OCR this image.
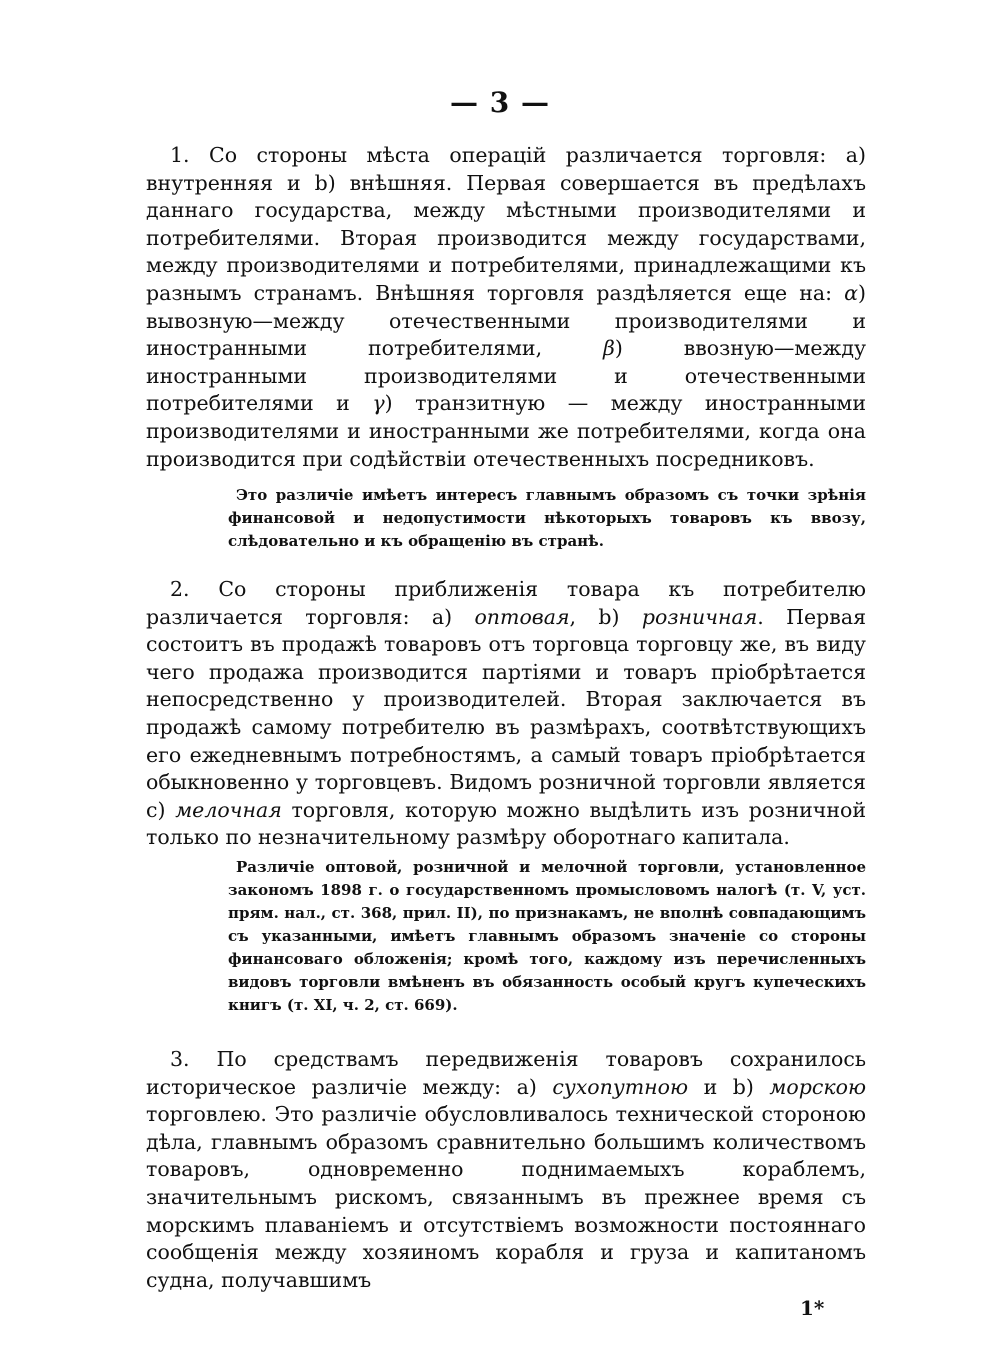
— 3 —

1. Со стороны мѣста операцій различается торговля: a) внутренняя и b) внѣшняя. Первая совершается въ предѣлахъ даннаго государства, между мѣстными производителями и потребителями. Вторая производится между государствами, между производителями и потребителями, принадлежащими къ разнымъ странамъ. Внѣшняя торговля раздѣляется еще на: α) вывозную—между отечественными производителями и иностранными потребителями, β) ввозную—между иностранными производителями и отечественными потребителями и γ) транзитную — между иностранными производителями и иностранными же потребителями, когда она производится при содѣйствіи отечественныхъ посредниковъ.

Это различіе имѣетъ интересъ главнымъ образомъ съ точки зрѣнія финансовой и недопустимости нѣкоторыхъ товаровъ къ ввозу, слѣдовательно и къ обращенію въ странѣ.

2. Со стороны приближенія товара къ потребителю различается торговля: a) оптовая, b) розничная. Первая состоитъ въ продажѣ товаровъ отъ торговца торговцу же, въ виду чего продажа производится партіями и товаръ пріобрѣтается непосредственно у производителей. Вторая заключается въ продажѣ самому потребителю въ размѣрахъ, соотвѣтствующихъ его ежедневнымъ потребностямъ, а самый товаръ пріобрѣтается обыкновенно у торговцевъ. Видомъ розничной торговли является c) мелочная торговля, которую можно выдѣлить изъ розничной только по незначительному размѣру оборотнаго капитала.

Различіе оптовой, розничной и мелочной торговли, установленное закономъ 1898 г. о государственномъ промысловомъ налогѣ (т. V, уст. прям. нал., ст. 368, прил. II), по признакамъ, не вполнѣ совпадающимъ съ указанными, имѣетъ главнымъ образомъ значеніе со стороны финансоваго обложенія; кромѣ того, каждому изъ перечисленныхъ видовъ торговли вмѣненъ въ обязанность особый кругъ купеческихъ книгъ (т. XI, ч. 2, ст. 669).

3. По средствамъ передвиженія товаровъ сохранилось историческое различіе между: a) сухопутною и b) морскою торговлею. Это различіе обусловливалось технической стороною дѣла, главнымъ образомъ сравнительно большимъ количествомъ товаровъ, одновременно поднимаемыхъ кораблемъ, значительнымъ рискомъ, связаннымъ въ прежнее время съ морскимъ плаваніемъ и отсутствіемъ возможности постояннаго сообщенія между хозяиномъ корабля и груза и капитаномъ судна, получавшимъ

1*
